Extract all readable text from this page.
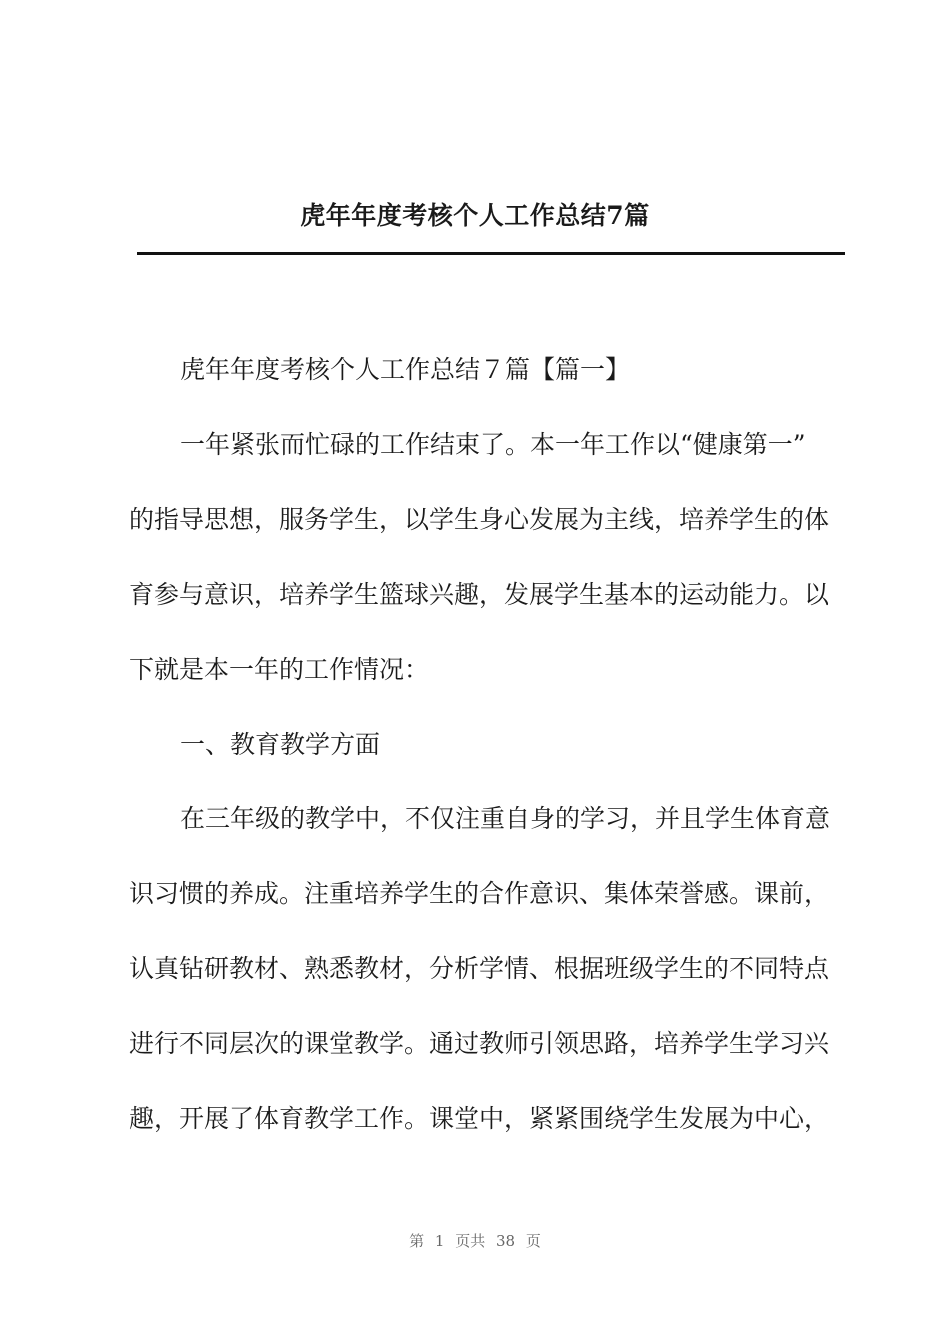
虎年年度考核个人工作总结7篇

虎年年度考核个人工作总结７篇【篇一】

一年紧张而忙碌的工作结束了。本一年工作以“健康第一”

的指导思想，服务学生，以学生身心发展为主线，培养学生的体

育参与意识，培养学生篮球兴趣，发展学生基本的运动能力。以

下就是本一年的工作情况：

一、教育教学方面

在三年级的教学中，不仅注重自身的学习，并且学生体育意

识习惯的养成。注重培养学生的合作意识、集体荣誉感。课前，

认真钻研教材、熟悉教材，分析学情、根据班级学生的不同特点

进行不同层次的课堂教学。通过教师引领思路，培养学生学习兴

趣，开展了体育教学工作。课堂中，紧紧围绕学生发展为中心，

第 1 页共 38 页
